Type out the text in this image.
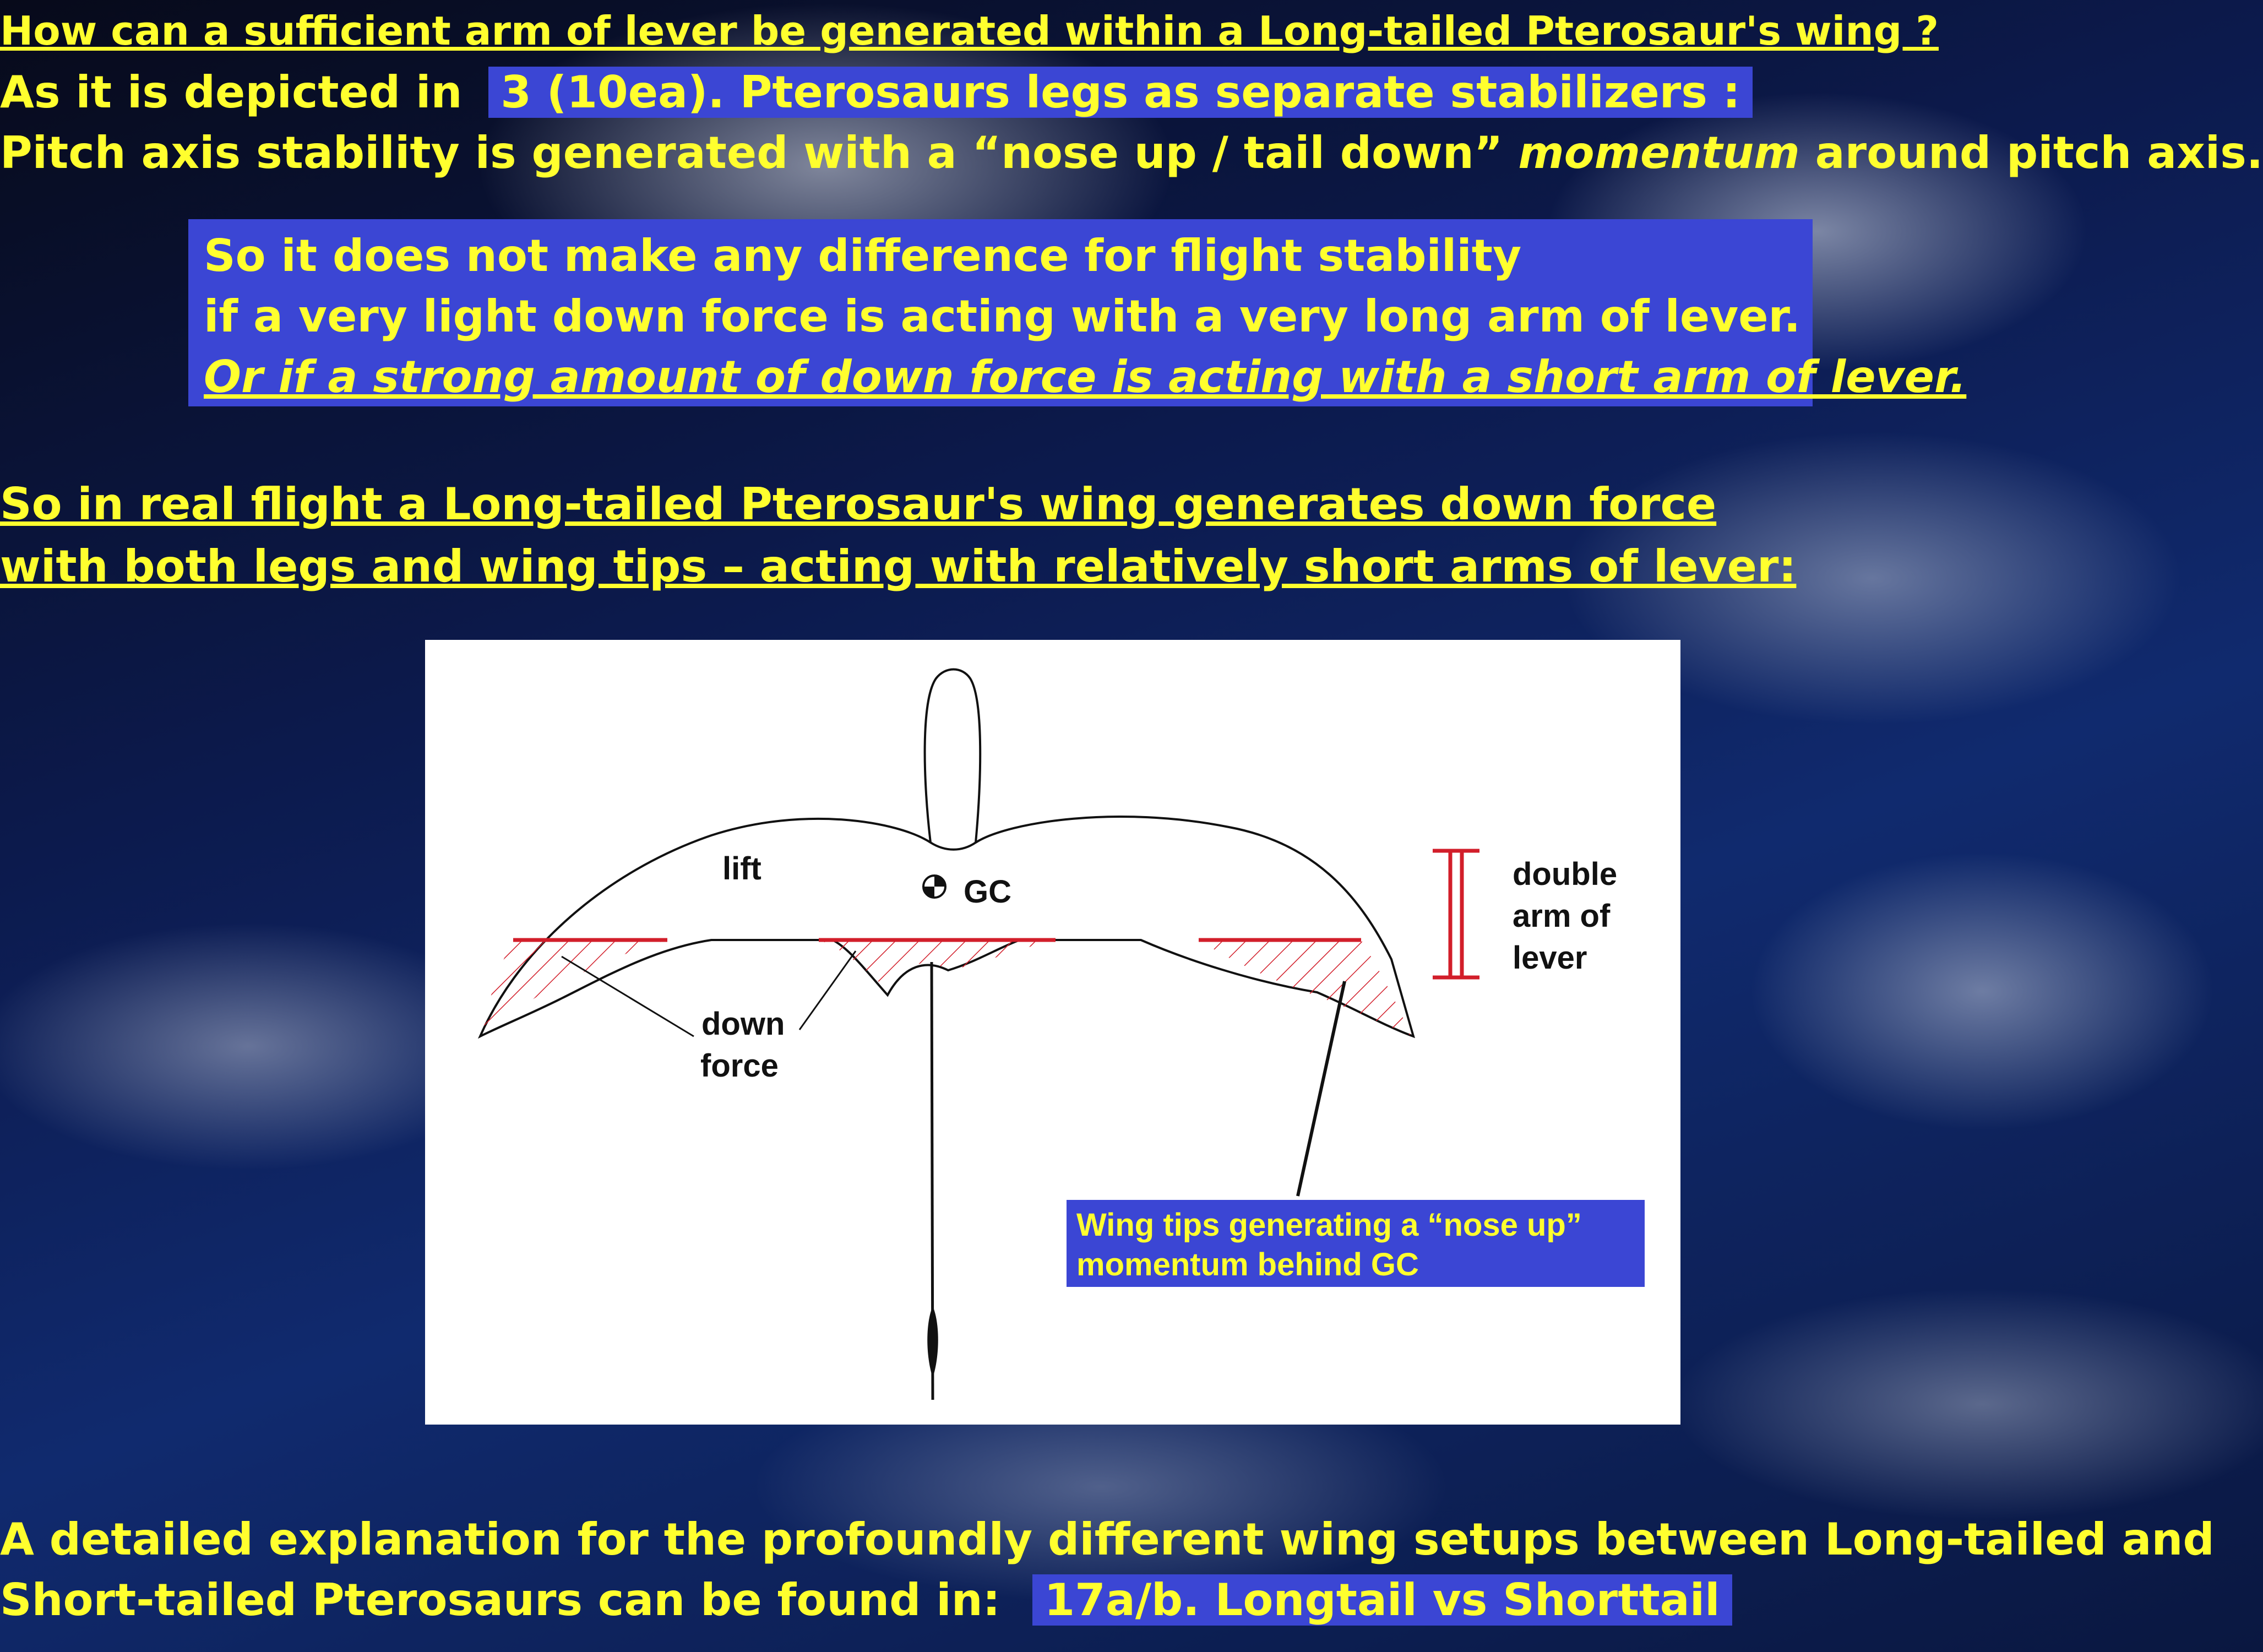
How can a sufficient arm of lever be generated within a Long-tailed Pterosaur's wing ?
As it is depicted in 3 (10ea). Pterosaurs legs as separate stabilizers :
Pitch axis stability is generated with a “nose up / tail down” momentum around pitch axis.
So it does not make any difference for flight stability
if a very light down force is acting with a very long arm of lever.
Or if a strong amount of down force is acting with a short arm of lever.
So in real flight a Long-tailed Pterosaur's wing generates down force
with both legs and wing tips – acting with relatively short arms of lever:
lift
GC
down
force
double
arm of
lever
Wing tips generating a “nose up”
momentum behind GC
A detailed explanation for the profoundly different wing setups between Long-tailed and
Short-tailed Pterosaurs can be found in: 17a/b. Longtail vs Shorttail
